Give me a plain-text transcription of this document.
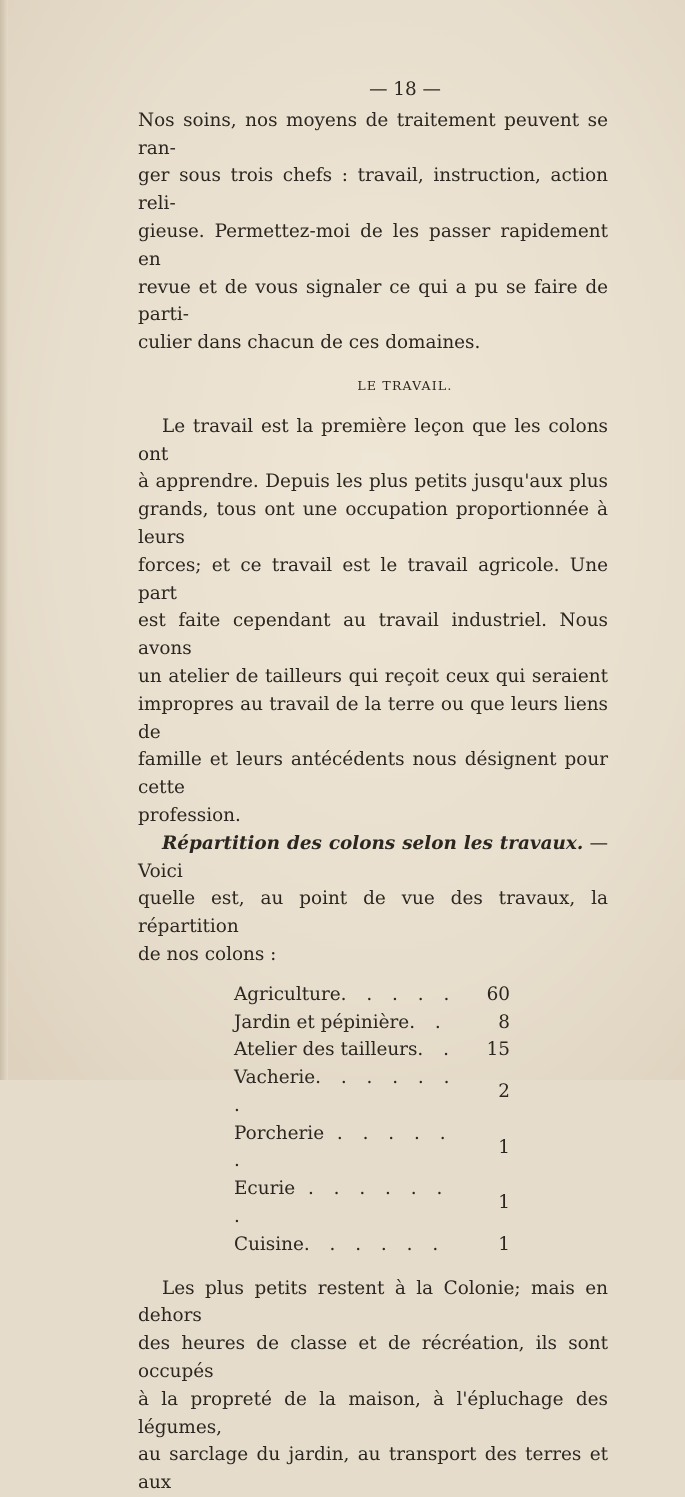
— 18 —

Nos soins, nos moyens de traitement peuvent se ran-
ger sous trois chefs : travail, instruction, action reli-
gieuse. Permettez-moi de les passer rapidement en
revue et de vous signaler ce qui a pu se faire de parti-
culier dans chacun de ces domaines.

LE TRAVAIL.

Le travail est la première leçon que les colons ont
à apprendre. Depuis les plus petits jusqu'aux plus
grands, tous ont une occupation proportionnée à leurs
forces; et ce travail est le travail agricole. Une part
est faite cependant au travail industriel. Nous avons
un atelier de tailleurs qui reçoit ceux qui seraient
impropres au travail de la terre ou que leurs liens de
famille et leurs antécédents nous désignent pour cette
profession.

Répartition des colons selon les travaux. — Voici
quelle est, au point de vue des travaux, la répartition
de nos colons :

Agriculture. . . . .	60
Jardin et pépinière. .	8
Atelier des tailleurs. .	15
Vacherie. . . . . . .	2
Porcherie . . . . . .	1
Ecurie . . . . . . .	1
Cuisine. . . . . .	1

Les plus petits restent à la Colonie; mais en dehors
des heures de classe et de récréation, ils sont occupés
à la propreté de la maison, à l'épluchage des légumes,
au sarclage du jardin, au transport des terres et aux
